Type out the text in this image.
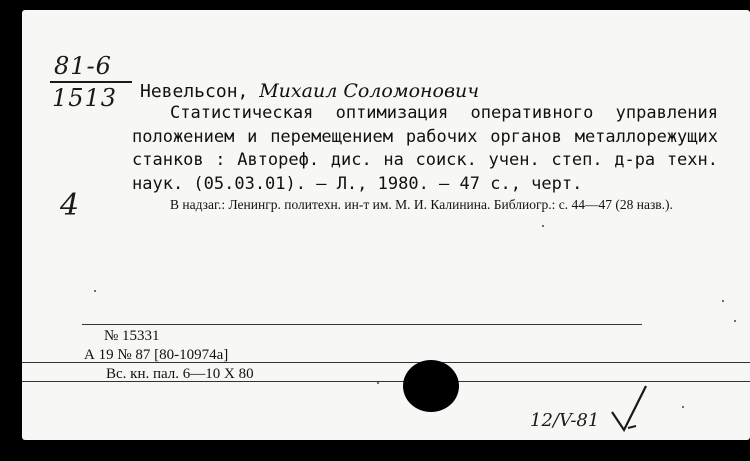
81-6
1513
4
Невельсон, Михаил Соломонович
Статистическая оптимизация оперативного управления положением и перемещением рабочих органов металлорежущих станков : Автореф. дис. на соиск. учен. степ. д-ра техн. наук. (05.03.01). — Л., 1980. — 47 с., черт.
В надзаг.: Ленингр. политехн. ин-т им. М. И. Калинина. Библиогр.: с. 44—47 (28 назв.).
№ 15331
А 19 № 87 [80-10974а]
Вс. кн. пал. 6—10 X 80
12/V-81
